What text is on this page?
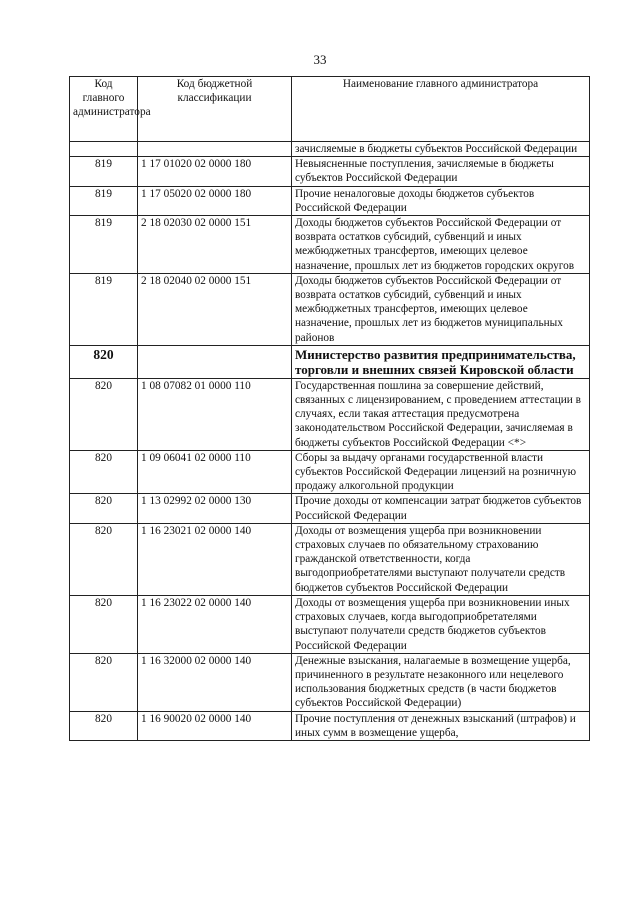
33
Код главного администратора	Код бюджетной классификации	Наименование главного администратора
		зачисляемые в бюджеты субъектов Российской Федерации
819	1 17 01020 02 0000 180	Невыясненные поступления, зачисляемые в бюджеты субъектов Российской Федерации
819	1 17 05020 02 0000 180	Прочие неналоговые доходы бюджетов субъектов Российской Федерации
819	2 18 02030 02 0000 151	Доходы бюджетов субъектов Российской Федерации от возврата остатков субсидий, субвенций и иных межбюджетных трансфертов, имеющих целевое назначение, прошлых лет из бюджетов городских округов
819	2 18 02040 02 0000 151	Доходы бюджетов субъектов Российской Федерации от возврата остатков субсидий, субвенций и иных межбюджетных трансфертов, имеющих целевое назначение, прошлых лет из бюджетов муниципальных районов
820		Министерство развития предпринимательства, торговли и внешних связей Кировской области
820	1 08 07082 01 0000 110	Государственная пошлина за совершение действий, связанных с лицензированием, с проведением аттестации в случаях, если такая аттестация предусмотрена законодательством Российской Федерации, зачисляемая в бюджеты субъектов Российской Федерации <*>
820	1 09 06041 02 0000 110	Сборы за выдачу органами государственной власти субъектов Российской Федерации лицензий на розничную продажу алкогольной продукции
820	1 13 02992 02 0000 130	Прочие доходы от компенсации затрат бюджетов субъектов Российской Федерации
820	1 16 23021 02 0000 140	Доходы от возмещения ущерба при возникновении страховых случаев по обязательному страхованию гражданской ответственности, когда выгодоприобретателями выступают получатели средств бюджетов субъектов Российской Федерации
820	1 16 23022 02 0000 140	Доходы от возмещения ущерба при возникновении иных страховых случаев, когда выгодоприобретателями выступают получатели средств бюджетов субъектов Российской Федерации
820	1 16 32000 02 0000 140	Денежные взыскания, налагаемые в возмещение ущерба, причиненного в результате незаконного или нецелевого использования бюджетных средств (в части бюджетов субъектов Российской Федерации)
820	1 16 90020 02 0000 140	Прочие поступления от денежных взысканий (штрафов) и иных сумм в возмещение ущерба,
